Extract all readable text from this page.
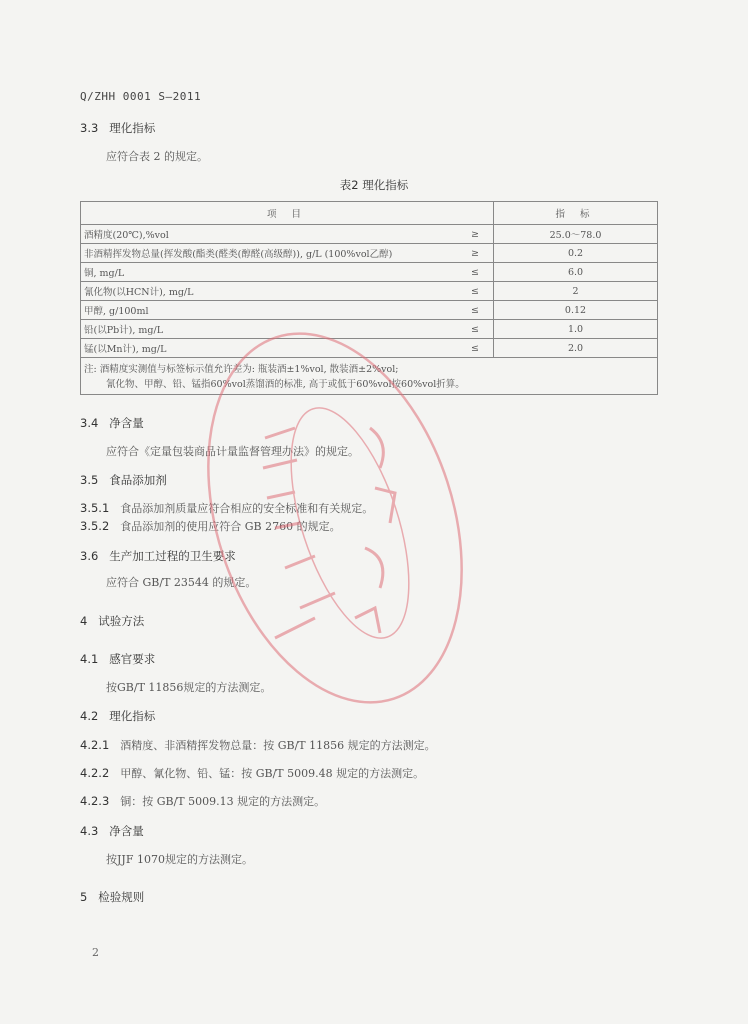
Q/ZHH 0001 S—2011
3.3 理化指标
应符合表 2 的规定。
表2 理化指标
项 目		指 标
酒精度(20℃),%vol	≥	25.0～78.0
非酒精挥发物总量(挥发酸(酯类(醛类(醇醛(高级醇)), g/L (100%vol乙醇)	≥	0.2
铜, mg/L	≤	6.0
氰化物(以HCN计), mg/L	≤	2
甲醇, g/100ml	≤	0.12
铅(以Pb计), mg/L	≤	1.0
锰(以Mn计), mg/L	≤	2.0

注: 酒精度实测值与标签标示值允许差为: 瓶装酒±1%vol, 散装酒±2%vol;
氰化物、甲醇、铅、锰指60%vol蒸馏酒的标准, 高于或低于60%vol按60%vol折算。		
3.4 净含量
应符合《定量包装商品计量监督管理办法》的规定。
3.5 食品添加剂
3.5.1 食品添加剂质量应符合相应的安全标准和有关规定。
3.5.2 食品添加剂的使用应符合 GB 2760 的规定。
3.6 生产加工过程的卫生要求
应符合 GB/T 23544 的规定。
4 试验方法
4.1 感官要求
按GB/T 11856规定的方法测定。
4.2 理化指标
4.2.1 酒精度、非酒精挥发物总量：按 GB/T 11856 规定的方法测定。
4.2.2 甲醇、氰化物、铅、锰：按 GB/T 5009.48 规定的方法测定。
4.2.3 铜：按 GB/T 5009.13 规定的方法测定。
4.3 净含量
按JJF 1070规定的方法测定。
5 检验规则
2
